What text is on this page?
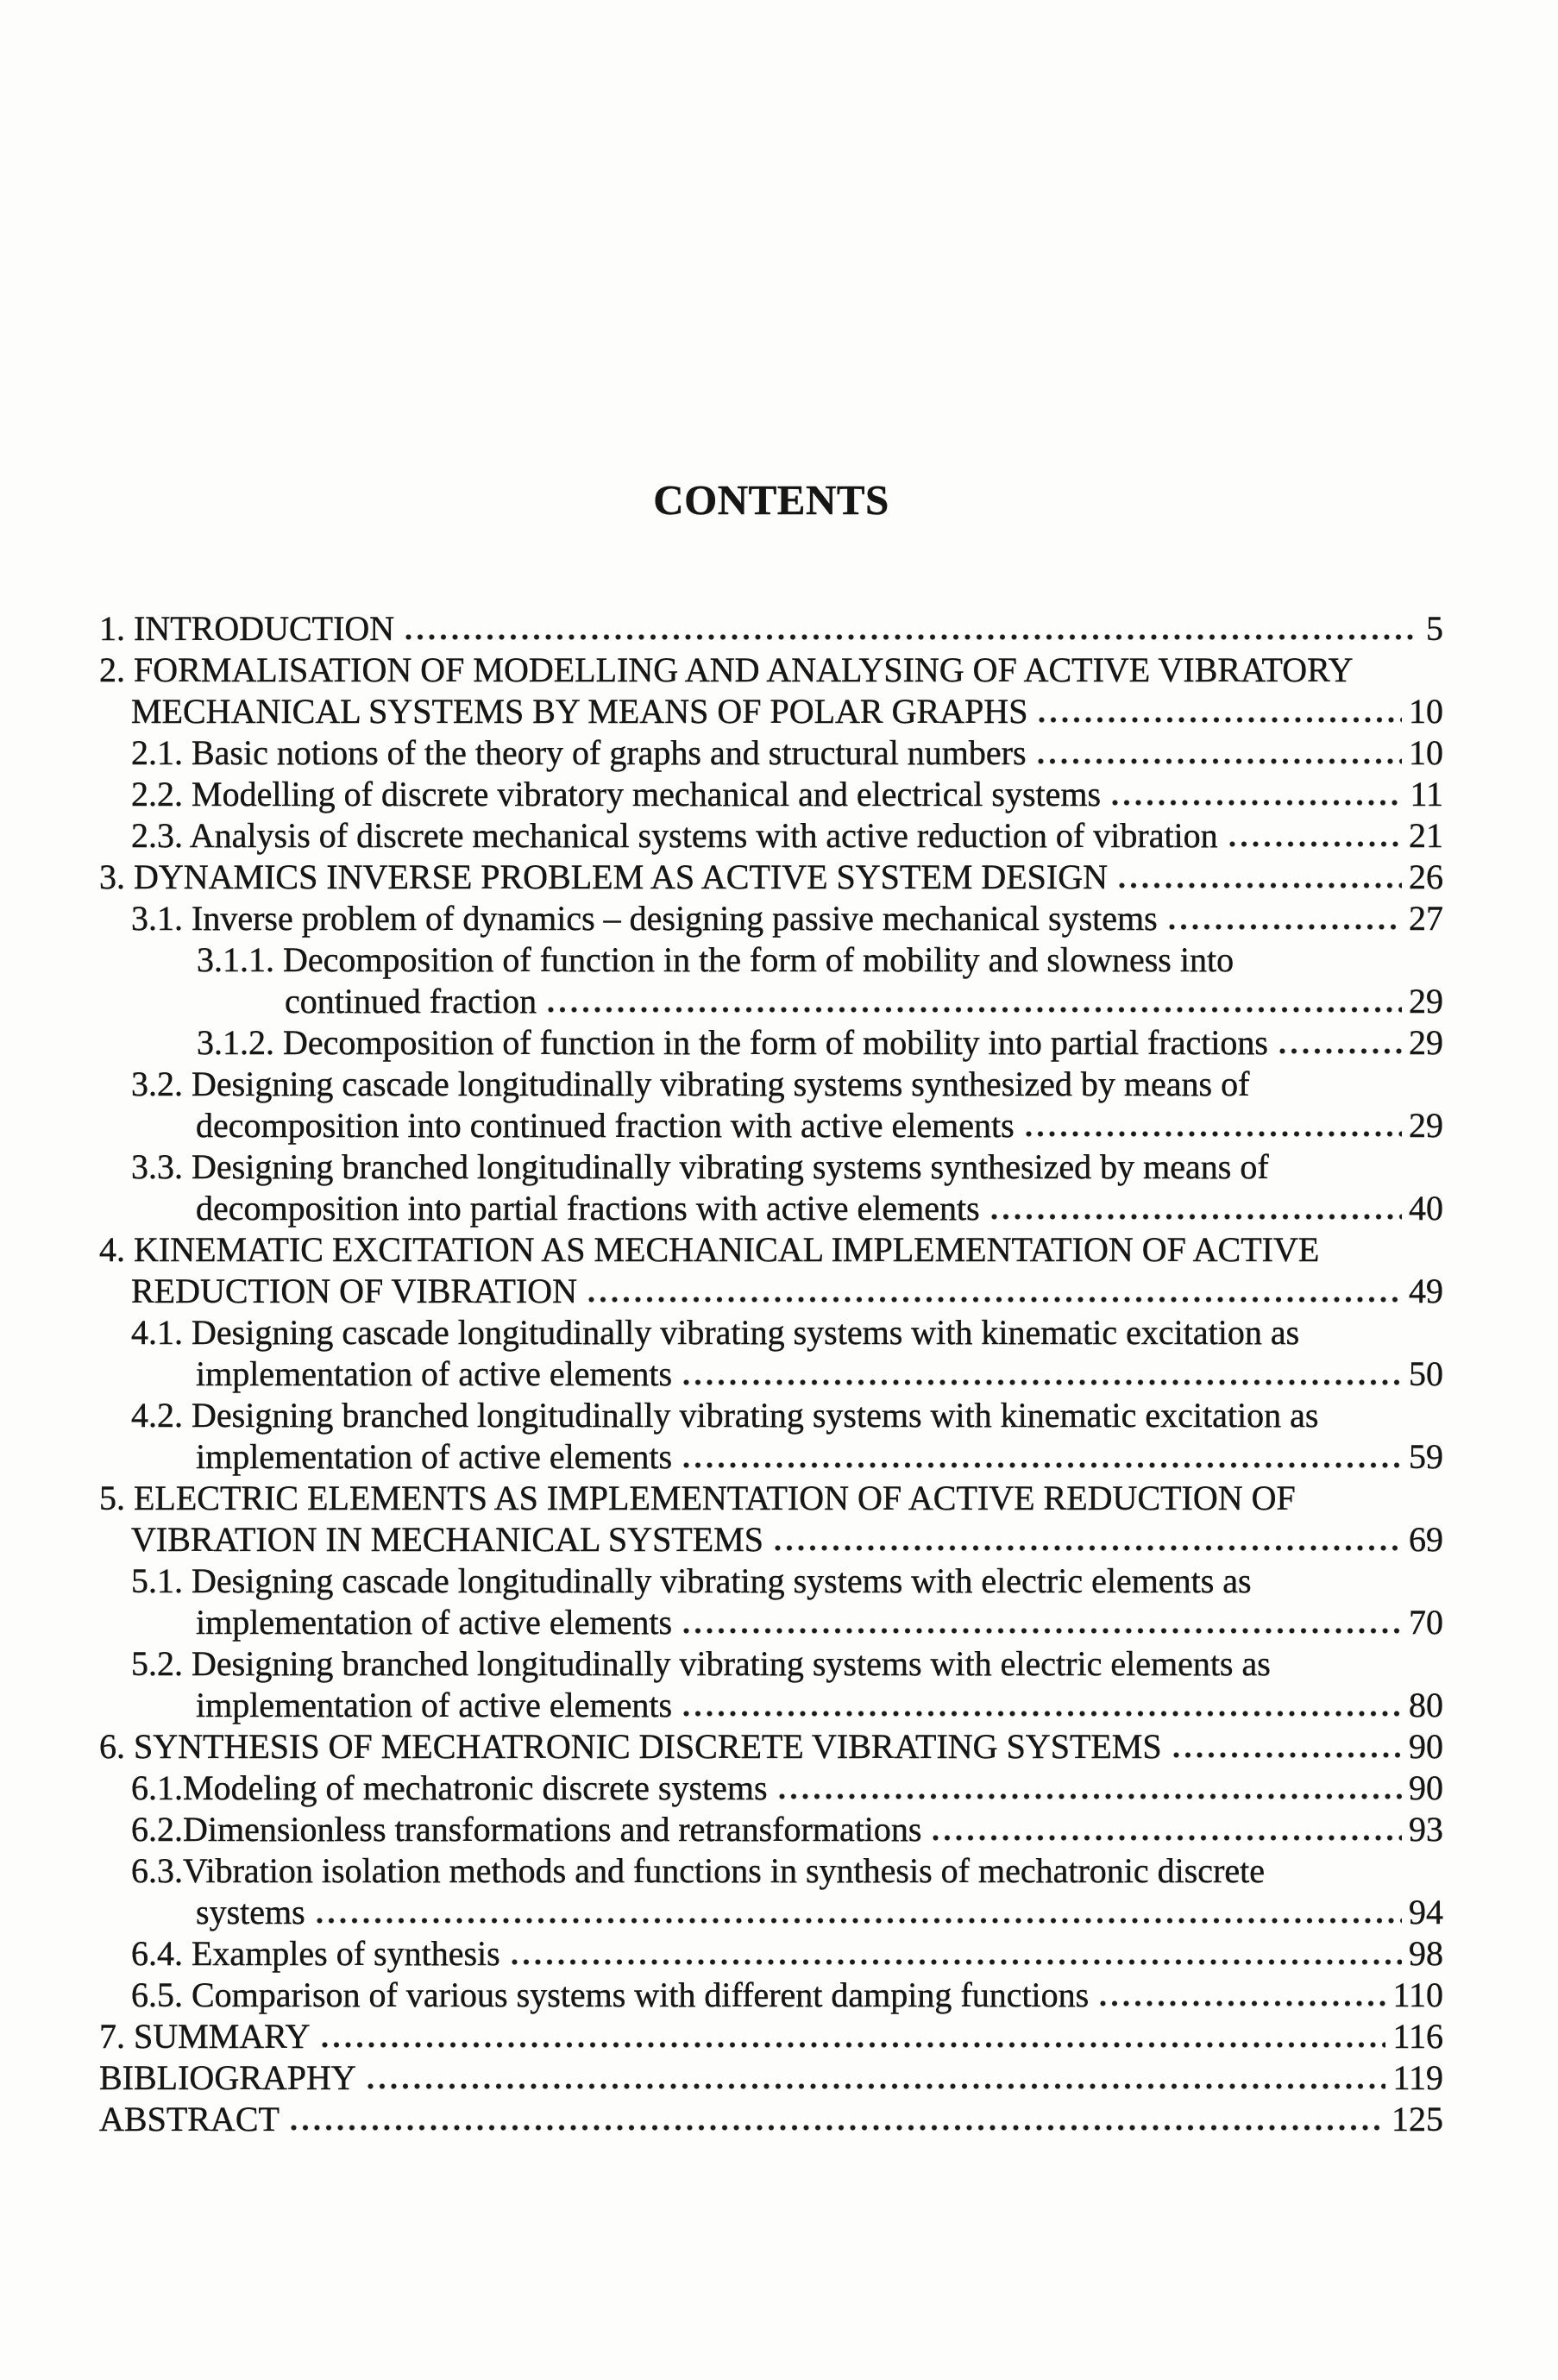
CONTENTS
1. INTRODUCTION	5
2. FORMALISATION OF MODELLING AND ANALYSING OF ACTIVE VIBRATORY
MECHANICAL SYSTEMS BY MEANS OF POLAR GRAPHS	10
2.1. Basic notions of the theory of graphs and structural numbers	10
2.2. Modelling of discrete vibratory mechanical and electrical systems	11
2.3. Analysis of discrete mechanical systems with active reduction of vibration	21
3. DYNAMICS INVERSE PROBLEM AS ACTIVE SYSTEM DESIGN	26
3.1. Inverse problem of dynamics – designing passive mechanical systems	27
3.1.1. Decomposition of function in the form of mobility and slowness into
continued fraction	29
3.1.2. Decomposition of function in the form of mobility into partial fractions	29
3.2. Designing cascade longitudinally vibrating systems synthesized by means of
decomposition into continued fraction with active elements	29
3.3. Designing branched longitudinally vibrating systems synthesized by means of
decomposition into partial fractions with active elements	40
4. KINEMATIC EXCITATION AS MECHANICAL IMPLEMENTATION OF ACTIVE
REDUCTION OF VIBRATION	49
4.1. Designing cascade longitudinally vibrating systems with kinematic excitation as
implementation of active elements	50
4.2. Designing branched longitudinally vibrating systems with kinematic excitation as
implementation of active elements	59
5. ELECTRIC ELEMENTS AS IMPLEMENTATION OF ACTIVE REDUCTION OF
VIBRATION IN MECHANICAL SYSTEMS	69
5.1. Designing cascade longitudinally vibrating systems with electric elements as
implementation of active elements	70
5.2. Designing branched longitudinally vibrating systems with electric elements as
implementation of active elements	80
6. SYNTHESIS OF MECHATRONIC DISCRETE VIBRATING SYSTEMS	90
6.1.Modeling of mechatronic discrete systems	90
6.2.Dimensionless transformations and retransformations	93
6.3.Vibration isolation methods and functions in synthesis of mechatronic discrete
systems	94
6.4. Examples of synthesis	98
6.5. Comparison of various systems with different damping functions	110
7. SUMMARY	116
BIBLIOGRAPHY	119
ABSTRACT	125
